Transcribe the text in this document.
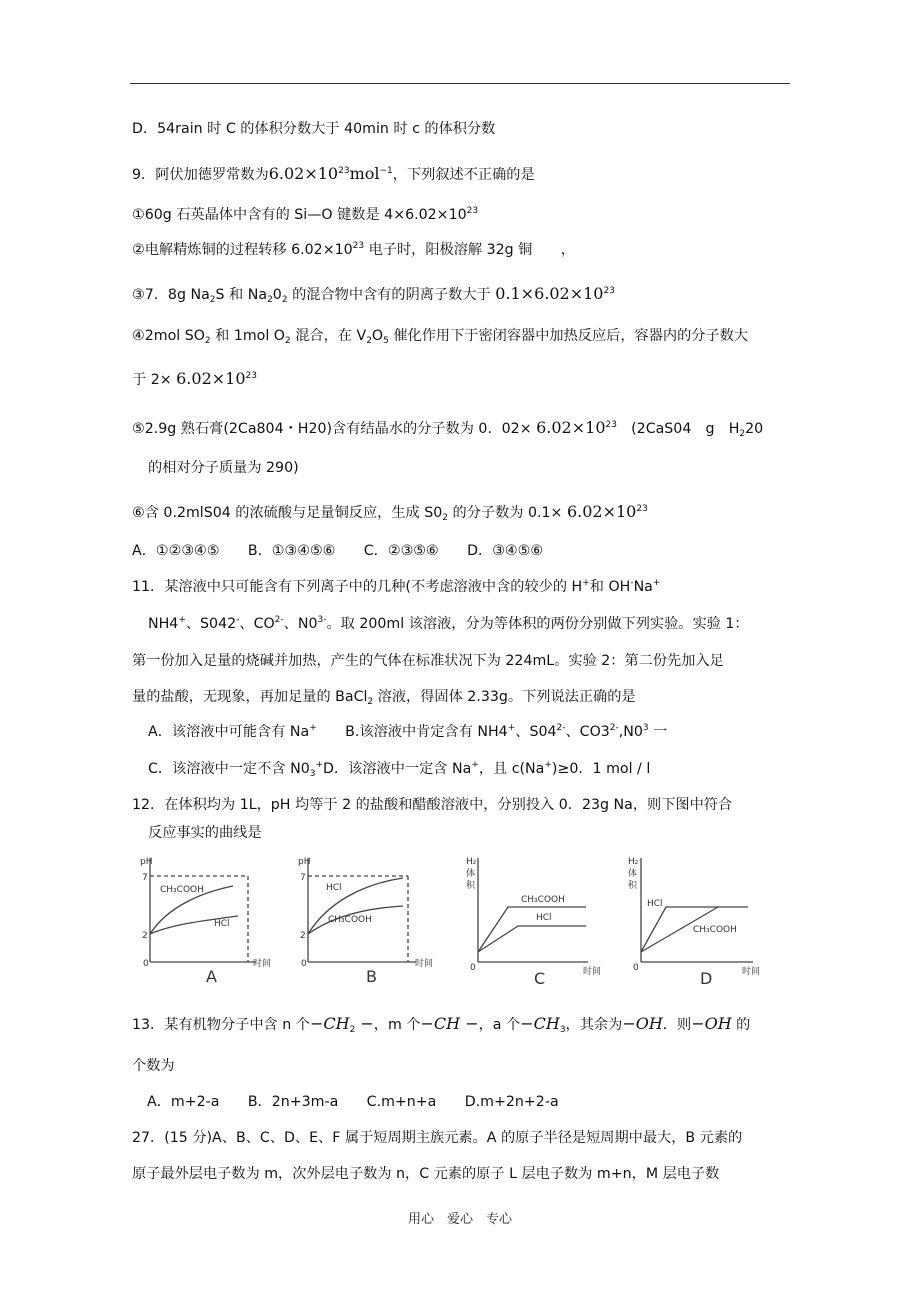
D．54rain 时 C 的体积分数大于 40min 时 c 的体积分数
9．阿伏加德罗常数为$6.02\times 10^{23}mol^{-1}$，下列叙述不正确的是
①60g 石英晶体中含有的 Si—O 键数是 $4\times 6.02\times 10^{23}$
②电解精炼铜的过程转移 $6.02\times 10^{23}$ 电子时，阳极溶解 32g 铜　　，
③7．8g $Na_2S$ 和 $Na_20_2$ 的混合物中含有的阴离子数大于 $0.1\times 6.02\times 10^{23}$
④2mol $SO_2$ 和 1mol $O_2$ 混合，在 $V_2O_5$ 催化作用下于密闭容器中加热反应后，容器内的分子数大
于 $2\times 6.02\times 10^{23}$
⑤2.9g 熟石膏(2Ca804・H20)含有结晶水的分子数为 0．$02\times 6.02\times 10^{23}$　(2CaS04　g　$H_220$
的相对分子质量为 290)
⑥含 0.2mlS04 的浓硫酸与足量铜反应，生成 $S0_2$ 的分子数为 $0.1\times 6.02\times 10^{23}$
A．①②③④⑤　　B．①③④⑤⑥　　C．②③⑤⑥　　D．③④⑤⑥
11．某溶液中只可能含有下列离子中的几种(不考虑溶液中含的较少的 H+和 OH-Na+
NH4+、S042-、$CO^{2-}$、$N0^{3-}$。取 200ml 该溶液，分为等体积的两份分别做下列实验。实验 1：
第一份加入足量的烧碱并加热，产生的气体在标准状况下为 224mL。实验 2：第二份先加入足
量的盐酸，无现象，再加足量的 BaCl$_2$ 溶液，得固体 2.33g。下列说法正确的是
A．该溶液中可能含有 Na+　　B.该溶液中肯定含有 NH4+、$S04^{2-}$、$CO3^{2-},N0^3$ 一
C．该溶液中一定不含 $N0_3^+D$．该溶液中一定含 Na+，且 c(Na+)≥0．1 mol / l
12．在体积均为 1L，pH 均等于 2 的盐酸和醋酸溶液中，分别投入 0．23g Na，则下图中符合
反应事实的曲线是
pH
7
2
0
CH₃COOH
HCl
时间
A
pH
7
2
0
HCl
CH₃COOH
时间
B
H₂
体
积
0
CH₃COOH
HCl
时间
C
H₂
体
积
0
HCl
CH₃COOH
时间
D
13．某有机物分子中含 n 个$-CH_2$ −，m 个−CH −，a 个$-CH_3$，其余为−OH．则−OH 的
个数为
A．m+2-a　　B．2n+3m-a　　C.m+n+a　　D.m+2n+2-a
27．(15 分)A、B、C、D、E、F 属于短周期主族元素。A 的原子半径是短周期中最大，B 元素的
原子最外层电子数为 m，次外层电子数为 n，C 元素的原子 L 层电子数为 m+n，M 层电子数
用心　爱心　专心
